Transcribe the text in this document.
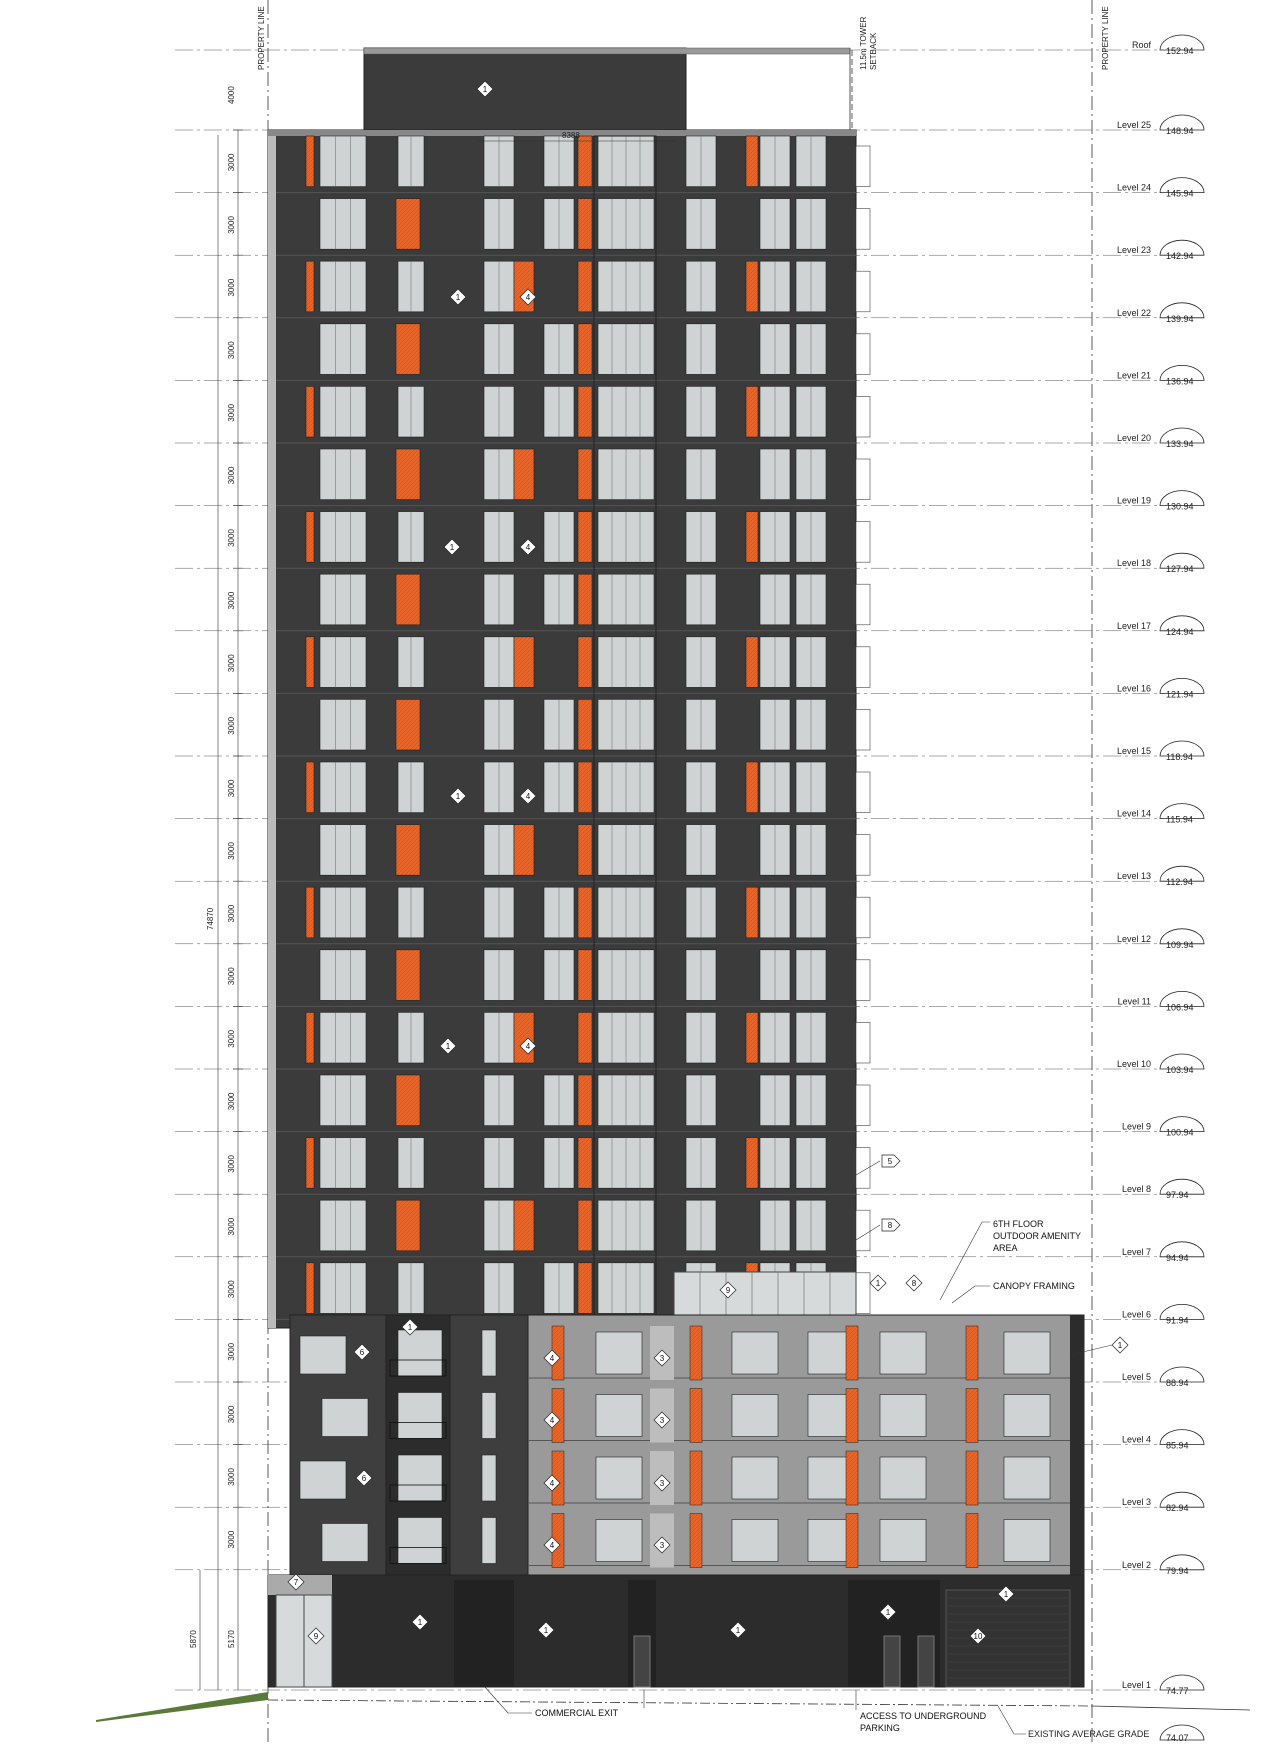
PROPERTY LINE	PROPERTY LINE
11.5m TOWER SETBACK
74870
4000
5170
5870
3000
3000
3000
3000
3000
3000
3000
3000
3000
3000
3000
3000
3000
3000
3000
3000
3000
3000
3000
3000
3000
3000
3000
8388
Roof
152.94
Level 25
148.94
Level 24
145.94
Level 23
142.94
Level 22
139.94
Level 21
136.94
Level 20
133.94
Level 19
130.94
Level 18
127.94
Level 17
124.94
Level 16
121.94
Level 15
118.94
Level 14
115.94
Level 13
112.94
Level 12
109.94
Level 11
106.94
Level 10
103.94
Level 9
100.94
Level 8
97.94
Level 7
94.94
Level 6
91.94
Level 5
88.94
Level 4
85.94
Level 3
82.94
Level 2
79.94
Level 1
74.77
74.07
EXISTING AVERAGE GRADE
1
1
1
1
1
4
4
4
4
4
4
4
4
3
3
3
3
6
6
1
7
9
9
1	8
1
5
8
1
1	1
1
1
10
6TH FLOOR
OUTDOOR AMENITY
AREA
CANOPY FRAMING
COMMERCIAL EXIT	ACCESS TO UNDERGROUND
PARKING
